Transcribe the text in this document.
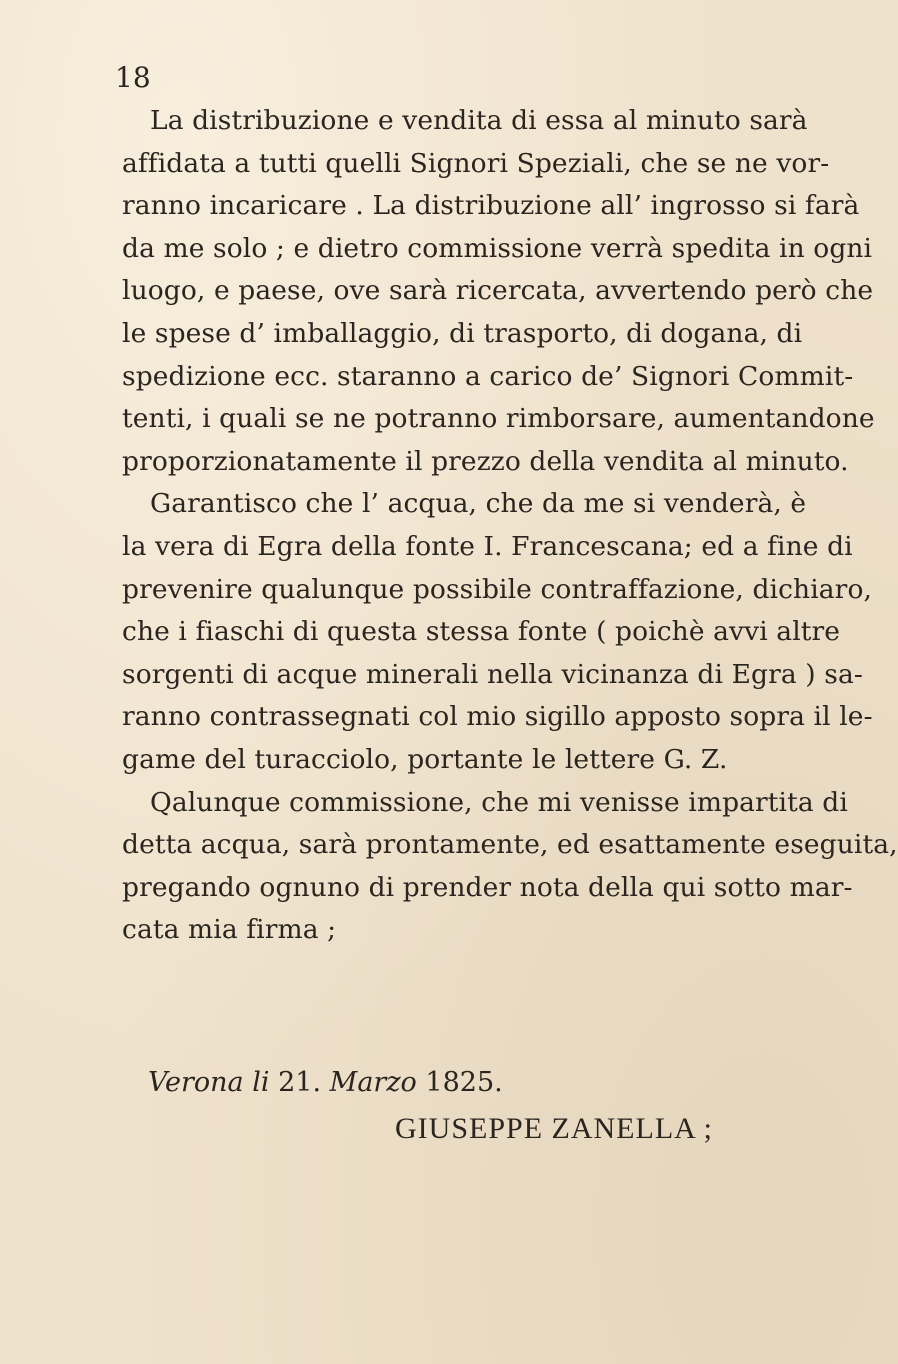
18
La distribuzione e vendita di essa al minuto sarà
affidata a tutti quelli Signori Speziali, che se ne vor-
ranno incaricare . La distribuzione all’ ingrosso si farà
da me solo ; e dietro commissione verrà spedita in ogni
luogo, e paese, ove sarà ricercata, avvertendo però che
le spese d’ imballaggio, di trasporto, di dogana, di
spedizione ecc. staranno a carico de’ Signori Commit-
tenti, i quali se ne potranno rimborsare, aumentandone
proporzionatamente il prezzo della vendita al minuto.
Garantisco che l’ acqua, che da me si venderà, è
la vera di Egra della fonte I. Francescana; ed a fine di
prevenire qualunque possibile contraffazione, dichiaro,
che i fiaschi di questa stessa fonte ( poichè avvi altre
sorgenti di acque minerali nella vicinanza di Egra ) sa-
ranno contrassegnati col mio sigillo apposto sopra il le-
game del turacciolo, portante le lettere G. Z.
Qalunque commissione, che mi venisse impartita di
detta acqua, sarà prontamente, ed esattamente eseguita,
pregando ognuno di prender nota della qui sotto mar-
cata mia firma ;
Verona li 21. Marzo 1825.
GIUSEPPE ZANELLA ;
